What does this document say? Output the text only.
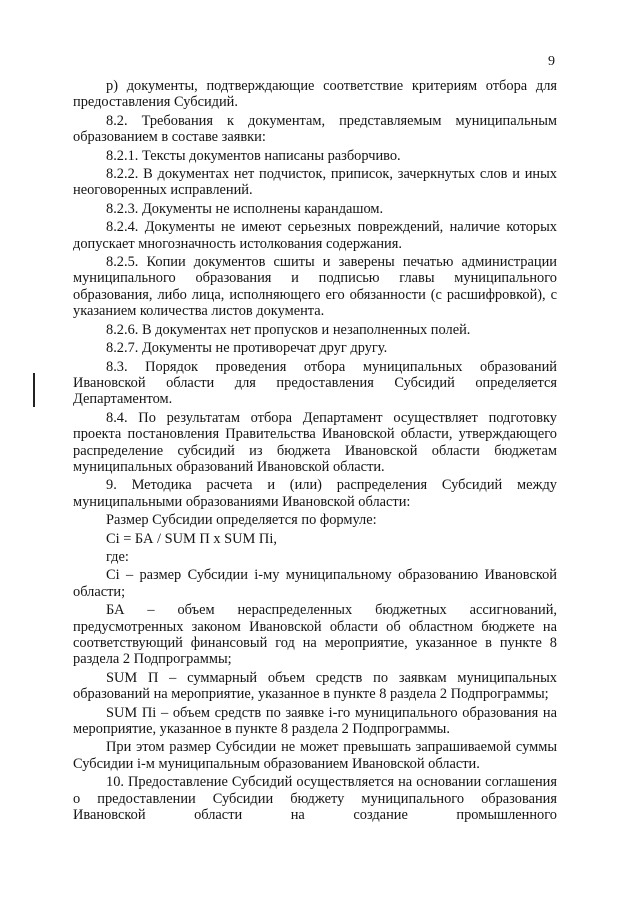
9

р) документы, подтверждающие соответствие критериям отбора для предоставления Субсидий.

8.2. Требования к документам, представляемым муниципальным образованием в составе заявки:

8.2.1. Тексты документов написаны разборчиво.

8.2.2. В документах нет подчисток, приписок, зачеркнутых слов и иных неоговоренных исправлений.

8.2.3. Документы не исполнены карандашом.

8.2.4. Документы не имеют серьезных повреждений, наличие которых допускает многозначность истолкования содержания.

8.2.5. Копии документов сшиты и заверены печатью администрации муниципального образования и подписью главы муниципального образования, либо лица, исполняющего его обязанности (с расшифровкой), с указанием количества листов документа.

8.2.6. В документах нет пропусков и незаполненных полей.

8.2.7. Документы не противоречат друг другу.

8.3. Порядок проведения отбора муниципальных образований Ивановской области для предоставления Субсидий определяется Департаментом.

8.4. По результатам отбора Департамент осуществляет подготовку проекта постановления Правительства Ивановской области, утверждающего распределение субсидий из бюджета Ивановской области бюджетам муниципальных образований Ивановской области.

9. Методика расчета и (или) распределения Субсидий между муниципальными образованиями Ивановской области:

Размер Субсидии определяется по формуле:

Ci = БА / SUM П x SUM Пi,

где:

Ci – размер Субсидии i-му муниципальному образованию Ивановской области;

БА – объем нераспределенных бюджетных ассигнований, предусмотренных законом Ивановской области об областном бюджете на соответствующий финансовый год на мероприятие, указанное в пункте 8 раздела 2 Подпрограммы;

SUM П – суммарный объем средств по заявкам муниципальных образований на мероприятие, указанное в пункте 8 раздела 2 Подпрограммы;

SUM Пi – объем средств по заявке i-го муниципального образования на мероприятие, указанное в пункте 8 раздела 2 Подпрограммы.

При этом размер Субсидии не может превышать запрашиваемой суммы Субсидии i-м муниципальным образованием Ивановской области.

10. Предоставление Субсидий осуществляется на основании соглашения о предоставлении Субсидии бюджету муниципального образования Ивановской области на создание промышленного
